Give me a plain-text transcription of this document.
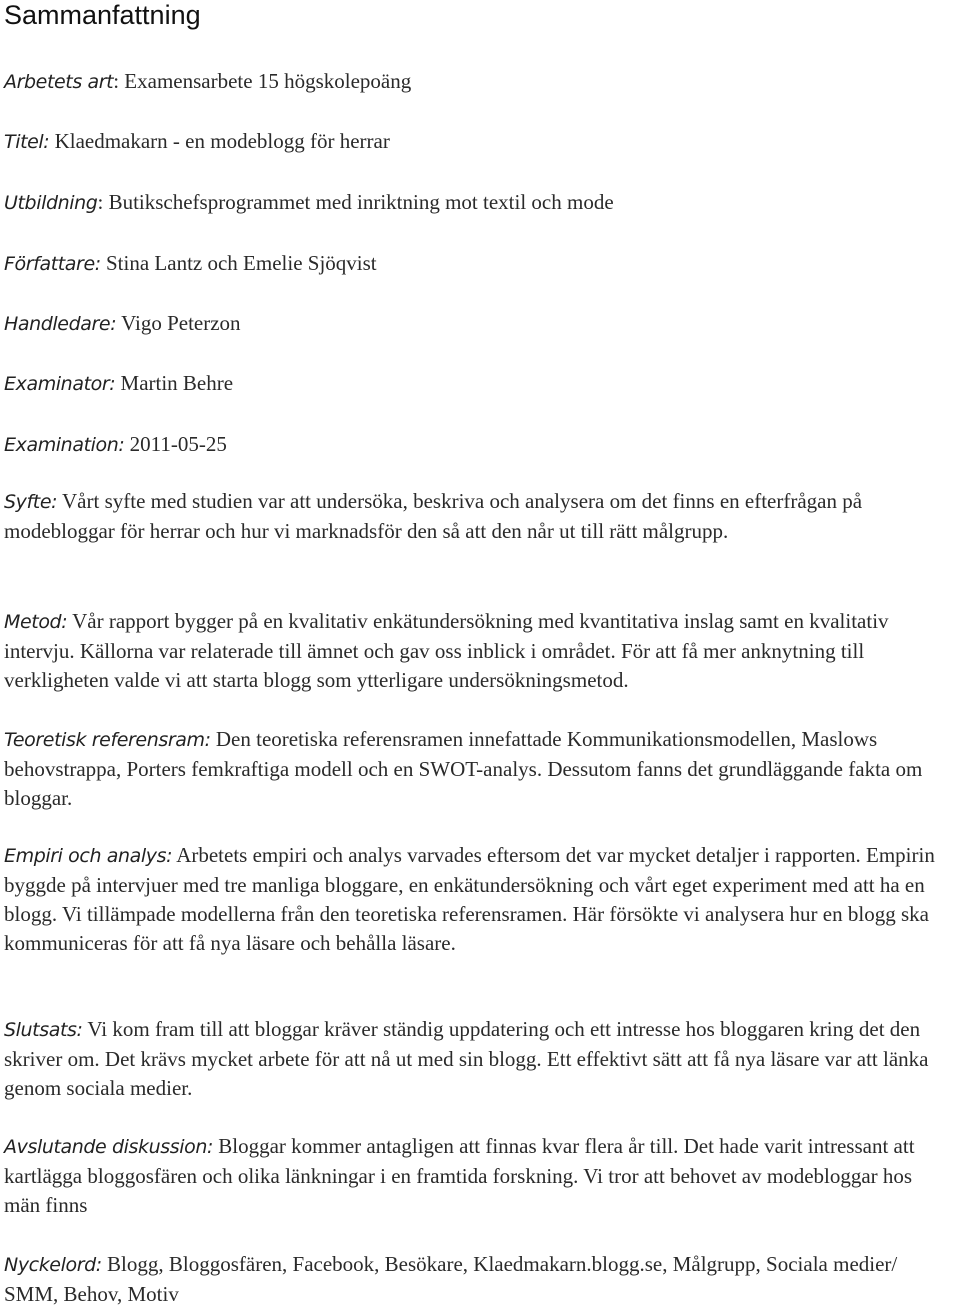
Sammanfattning

Arbetets art: Examensarbete 15 högskolepoäng

Titel: Klaedmakarn - en modeblogg för herrar

Utbildning: Butikschefsprogrammet med inriktning mot textil och mode

Författare: Stina Lantz och Emelie Sjöqvist

Handledare: Vigo Peterzon

Examinator: Martin Behre

Examination: 2011-05-25

Syfte: Vårt syfte med studien var att undersöka, beskriva och analysera om det finns en efterfrågan på modebloggar för herrar och hur vi marknadsför den så att den når ut till rätt målgrupp.

Metod: Vår rapport bygger på en kvalitativ enkätundersökning med kvantitativa inslag samt en kvalitativ intervju. Källorna var relaterade till ämnet och gav oss inblick i området. För att få mer anknytning till verkligheten valde vi att starta blogg som ytterligare undersökningsmetod.

Teoretisk referensram: Den teoretiska referensramen innefattade Kommunikationsmodellen, Maslows behovstrappa, Porters femkraftiga modell och en SWOT-analys. Dessutom fanns det grundläggande fakta om bloggar.

Empiri och analys: Arbetets empiri och analys varvades eftersom det var mycket detaljer i rapporten. Empirin byggde på intervjuer med tre manliga bloggare, en enkätundersökning och vårt eget experiment med att ha en blogg. Vi tillämpade modellerna från den teoretiska referensramen. Här försökte vi analysera hur en blogg ska kommuniceras för att få nya läsare och behålla läsare.

Slutsats: Vi kom fram till att bloggar kräver ständig uppdatering och ett intresse hos bloggaren kring det den skriver om. Det krävs mycket arbete för att nå ut med sin blogg. Ett effektivt sätt att få nya läsare var att länka genom sociala medier.

Avslutande diskussion: Bloggar kommer antagligen att finnas kvar flera år till. Det hade varit intressant att kartlägga bloggosfären och olika länkningar i en framtida forskning. Vi tror att behovet av modebloggar hos män finns

Nyckelord: Blogg, Bloggosfären, Facebook, Besökare, Klaedmakarn.blogg.se, Målgrupp, Sociala medier/ SMM, Behov, Motiv
